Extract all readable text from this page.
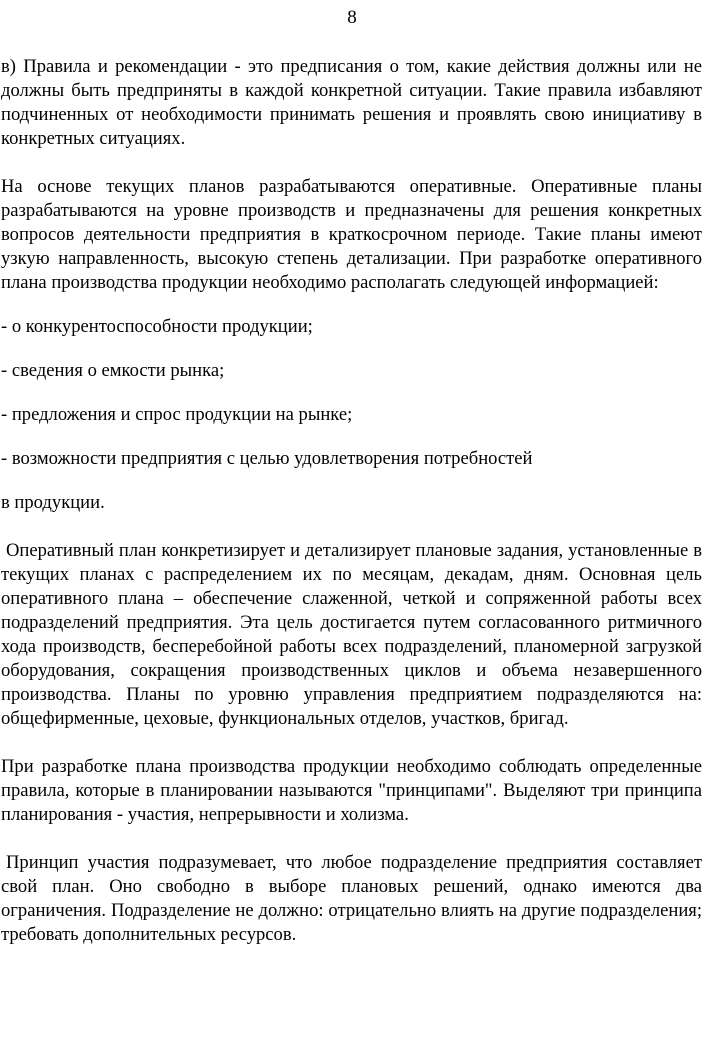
8

в) Правила и рекомендации - это предписания о том, какие действия должны или не должны быть предприняты в каждой конкретной ситуации. Такие правила избавляют подчиненных от необходимости принимать решения и проявлять свою инициативу в конкретных ситуациях.

На основе текущих планов разрабатываются оперативные. Оперативные планы разрабатываются на уровне производств и предназначены для решения конкретных вопросов деятельности предприятия в краткосрочном периоде. Такие планы имеют узкую направленность, высокую степень детализации. При разработке оперативного плана производства продукции необходимо располагать следующей информацией:

- о конкурентоспособности продукции;

- сведения о емкости рынка;

- предложения и спрос продукции на рынке;

- возможности предприятия с целью удовлетворения потребностей

в продукции.

Оперативный план конкретизирует и детализирует плановые задания, установленные в текущих планах с распределением их по месяцам, декадам, дням. Основная цель оперативного плана – обеспечение слаженной, четкой и сопряженной работы всех подразделений предприятия. Эта цель достигается путем согласованного ритмичного хода производств, бесперебойной работы всех подразделений, планомерной загрузкой оборудования, сокращения производственных циклов и объема незавершенного производства. Планы по уровню управления предприятием подразделяются на: общефирменные, цеховые, функциональных отделов, участков, бригад.

При разработке плана производства продукции необходимо соблюдать определенные правила, которые в планировании называются "принципами". Выделяют три принципа планирования - участия, непрерывности и холизма.

Принцип участия подразумевает, что любое подразделение предприятия составляет свой план. Оно свободно в выборе плановых решений, однако имеются два ограничения. Подразделение не должно: отрицательно влиять на другие подразделения; требовать дополнительных ресурсов.
